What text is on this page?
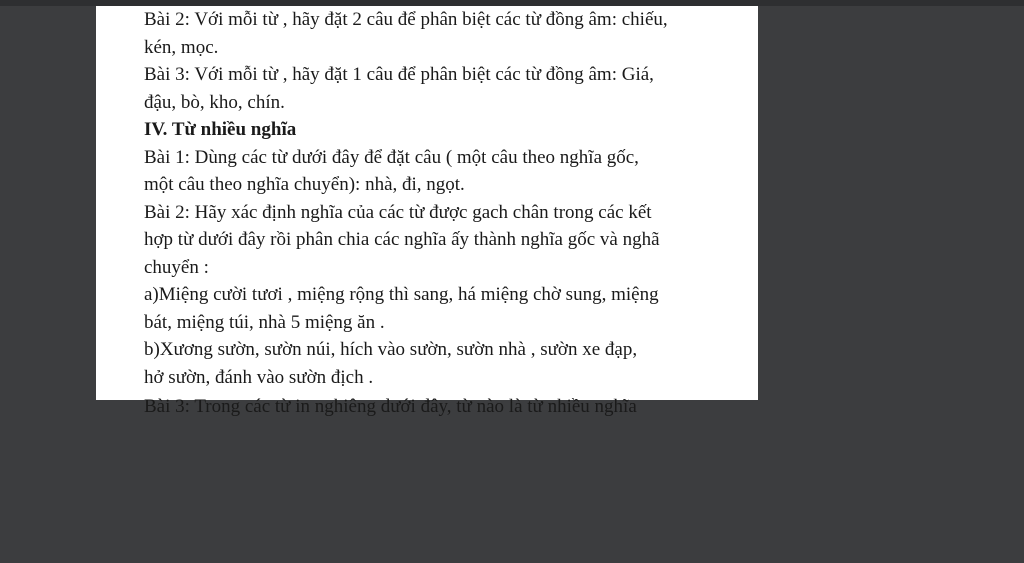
Bài 2: Với mỗi từ , hãy đặt 2 câu để phân biệt các từ đồng âm: chiếu,
kén, mọc.

Bài 3: Với mỗi từ , hãy đặt 1 câu để phân biệt các từ đồng âm: Giá,
đậu, bò, kho, chín.

IV. Từ nhiều nghĩa

Bài 1: Dùng các từ dưới đây để đặt câu ( một câu theo nghĩa gốc,
một câu theo nghĩa chuyển): nhà, đi, ngọt.

Bài 2: Hãy xác định nghĩa của các từ được gach chân trong các kết
hợp từ dưới đây rồi phân chia các nghĩa ấy thành nghĩa gốc và nghã
chuyển :

a)Miệng cười tươi , miệng rộng thì sang, há miệng chờ sung, miệng
bát, miệng túi, nhà 5 miệng ăn .

b)Xương sườn, sườn núi, hích vào sườn, sườn nhà , sườn xe đạp,
hở sườn, đánh vào sườn địch .

Bài 3: Trong các từ in nghiêng dưới đây, từ nào là từ nhiều nghĩa
